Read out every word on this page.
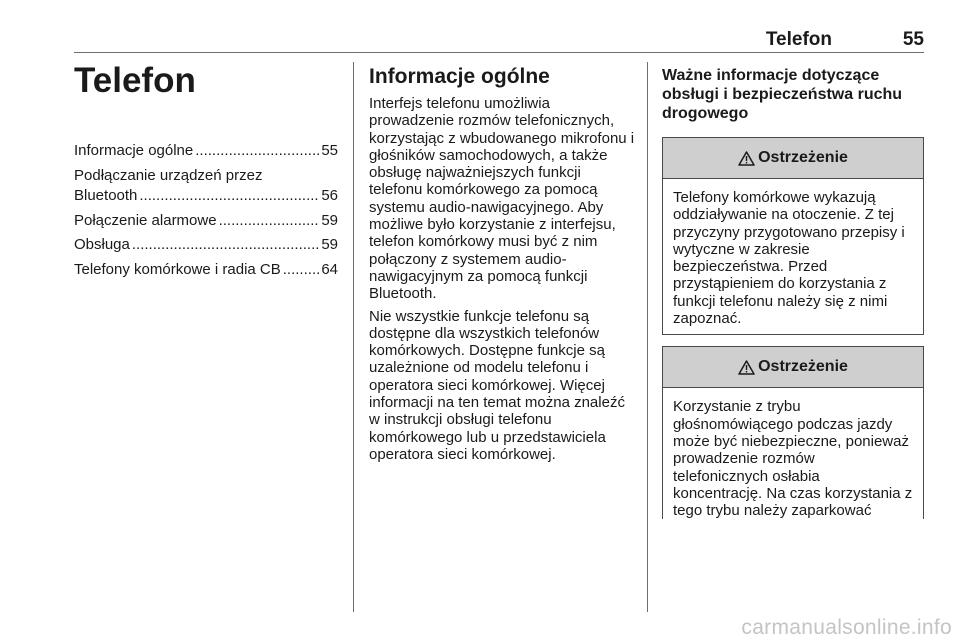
Telefon	55
Telefon
Informacje ogólne .....	55
Podłączanie urządzeń przez
Bluetooth .....	56
Połączenie alarmowe .....	59
Obsługa .....	59
Telefony komórkowe i radia CB .....	64
Informacje ogólne

Interfejs telefonu umożliwia prowadzenie rozmów telefonicznych, korzystając z wbudowanego mikrofonu i głośników samochodowych, a także obsługę najważniejszych funkcji telefonu komórkowego za pomocą systemu audio-nawigacyjnego. Aby możliwe było korzystanie z interfejsu, telefon komórkowy musi być z nim połączony z systemem audio-nawigacyjnym za pomocą funkcji Bluetooth.

Nie wszystkie funkcje telefonu są dostępne dla wszystkich telefonów komórkowych. Dostępne funkcje są uzależnione od modelu telefonu i operatora sieci komórkowej. Więcej informacji na ten temat można znaleźć w instrukcji obsługi telefonu komórkowego lub u przedstawiciela operatora sieci komórkowej.

Ważne informacje dotyczące obsługi i bezpieczeństwa ruchu drogowego
Ostrzeżenie
Telefony komórkowe wykazują oddziaływanie na otoczenie. Z tej przyczyny przygotowano przepisy i wytyczne w zakresie bezpieczeństwa. Przed przystąpieniem do korzystania z funkcji telefonu należy się z nimi zapoznać.
Ostrzeżenie
Korzystanie z trybu głośnomówiącego podczas jazdy może być niebezpieczne, ponieważ prowadzenie rozmów telefonicznych osłabia koncentrację. Na czas korzystania z tego trybu należy zaparkować
carmanualsonline.info
